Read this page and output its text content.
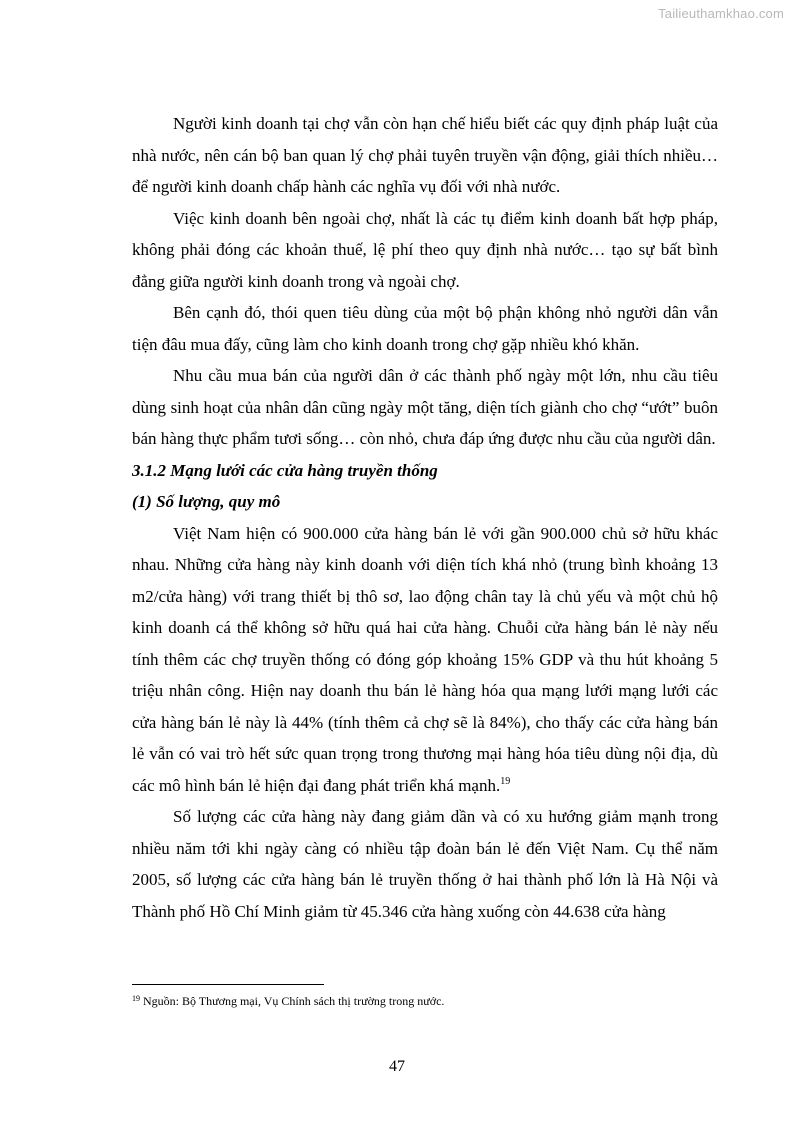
Tailieuthamkhao.com

Người kinh doanh tại chợ vẫn còn hạn chế hiểu biết các quy định pháp luật của nhà nước, nên cán bộ ban quan lý chợ phải tuyên truyền vận động, giải thích nhiều… để người kinh doanh chấp hành các nghĩa vụ đối với nhà nước.

Việc kinh doanh bên ngoài chợ, nhất là các tụ điểm kinh doanh bất hợp pháp, không phải đóng các khoản thuế, lệ phí theo quy định nhà nước… tạo sự bất bình đẳng giữa người kinh doanh trong và ngoài chợ.

Bên cạnh đó, thói quen tiêu dùng của một bộ phận không nhỏ người dân vẫn tiện đâu mua đấy, cũng làm cho kinh doanh trong chợ gặp nhiều khó khăn.

Nhu cầu mua bán của người dân ở các thành phố ngày một lớn, nhu cầu tiêu dùng sinh hoạt của nhân dân cũng ngày một tăng, diện tích giành cho chợ “ướt” buôn bán hàng thực phẩm tươi sống… còn nhỏ, chưa đáp ứng được nhu cầu của người dân.

3.1.2 Mạng lưới các cửa hàng truyền thống

(1) Số lượng, quy mô

Việt Nam hiện có 900.000 cửa hàng bán lẻ với gần 900.000 chủ sở hữu khác nhau. Những cửa hàng này kinh doanh với diện tích khá nhỏ (trung bình khoảng 13 m2/cửa hàng) với trang thiết bị thô sơ, lao động chân tay là chủ yếu và một chủ hộ kinh doanh cá thể không sở hữu quá hai cửa hàng. Chuỗi cửa hàng bán lẻ này nếu tính thêm các chợ truyền thống có đóng góp khoảng 15% GDP và thu hút khoảng 5 triệu nhân công. Hiện nay doanh thu bán lẻ hàng hóa qua mạng lưới mạng lưới các cửa hàng bán lẻ này là 44% (tính thêm cả chợ sẽ là 84%), cho thấy các cửa hàng bán lẻ vẫn có vai trò hết sức quan trọng trong thương mại hàng hóa tiêu dùng nội địa, dù các mô hình bán lẻ hiện đại đang phát triển khá mạnh.$^{19}$

Số lượng các cửa hàng này đang giảm dần và có xu hướng giảm mạnh trong nhiều năm tới khi ngày càng có nhiều tập đoàn bán lẻ đến Việt Nam. Cụ thể năm 2005, số lượng các cửa hàng bán lẻ truyền thống ở hai thành phố lớn là Hà Nội và Thành phố Hồ Chí Minh giảm từ 45.346 cửa hàng xuống còn 44.638 cửa hàng

$^{19}$ Nguồn: Bộ Thương mại, Vụ Chính sách thị trường trong nước.
47
